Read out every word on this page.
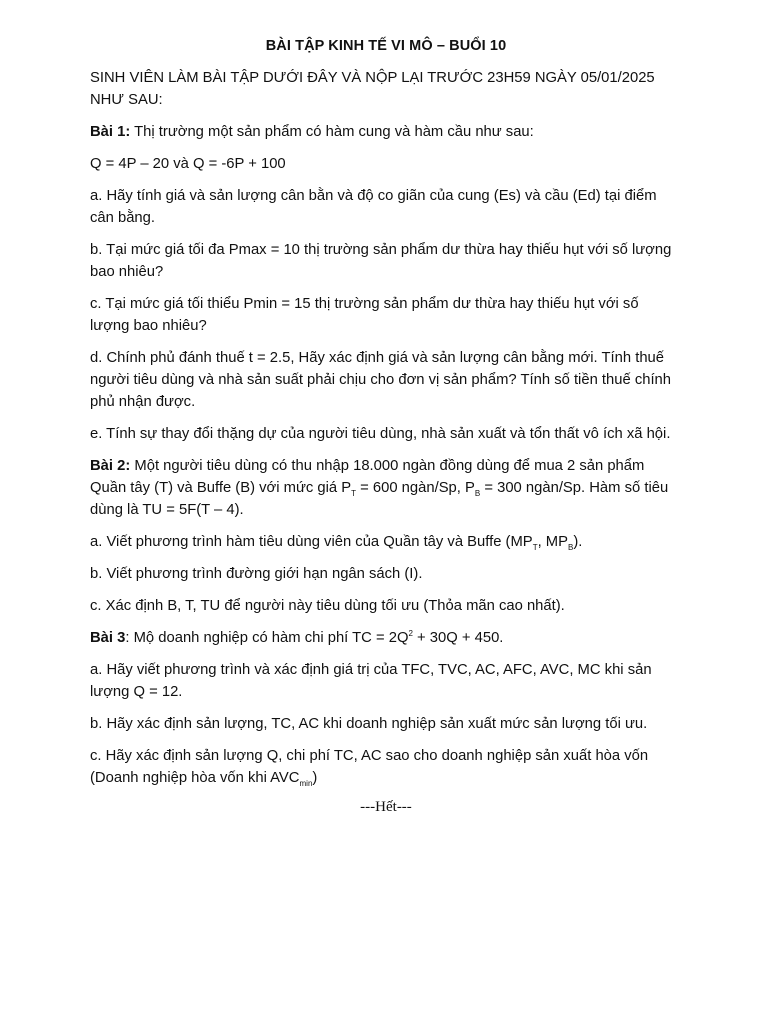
BÀI TẬP KINH TẾ VI MÔ – BUỔI 10

SINH VIÊN LÀM BÀI TẬP DƯỚI ĐÂY VÀ NỘP LẠI TRƯỚC 23H59 NGÀY 05/01/2025 NHƯ SAU:

Bài 1: Thị trường một sản phẩm có hàm cung và hàm cầu như sau:

Q = 4P – 20 và Q = -6P + 100

a. Hãy tính giá và sản lượng cân bằn và độ co giãn của cung (Es) và cầu (Ed) tại điểm cân bằng.

b. Tại mức giá tối đa Pmax = 10 thị trường sản phẩm dư thừa hay thiếu hụt với số lượng bao nhiêu?

c. Tại mức giá tối thiểu Pmin = 15 thị trường sản phẩm dư thừa hay thiếu hụt với số lượng bao nhiêu?

d. Chính phủ đánh thuế t = 2.5, Hãy xác định giá và sản lượng cân bằng mới. Tính thuế người tiêu dùng và nhà sản suất phải chịu cho đơn vị sản phẩm? Tính số tiền thuế chính phủ nhận được.

e. Tính sự thay đổi thặng dự của người tiêu dùng, nhà sản xuất và tổn thất vô ích xã hội.

Bài 2: Một người tiêu dùng có thu nhập 18.000 ngàn đồng dùng để mua 2 sản phẩm Quần tây (T) và Buffe (B) với mức giá $P_T = 600$ ngàn/Sp, $P_B = 300$ ngàn/Sp. Hàm số tiêu dùng là TU = 5F(T – 4).

a. Viết phương trình hàm tiêu dùng viên của Quần tây và Buffe ($MP_T$, $MP_B$).

b. Viết phương trình đường giới hạn ngân sách (I).

c. Xác định B, T, TU để người này tiêu dùng tối ưu (Thỏa mãn cao nhất).

Bài 3: Mộ doanh nghiệp có hàm chi phí TC = $2Q^2 + 30Q + 450$.

a. Hãy viết phương trình và xác định giá trị của TFC, TVC, AC, AFC, AVC, MC khi sản lượng Q = 12.

b. Hãy xác định sản lượng, TC, AC khi doanh nghiệp sản xuất mức sản lượng tối ưu.

c. Hãy xác định sản lượng Q, chi phí TC, AC sao cho doanh nghiệp sản xuất hòa vốn (Doanh nghiệp hòa vốn khi $AVC_{min}$)

---Hết---
